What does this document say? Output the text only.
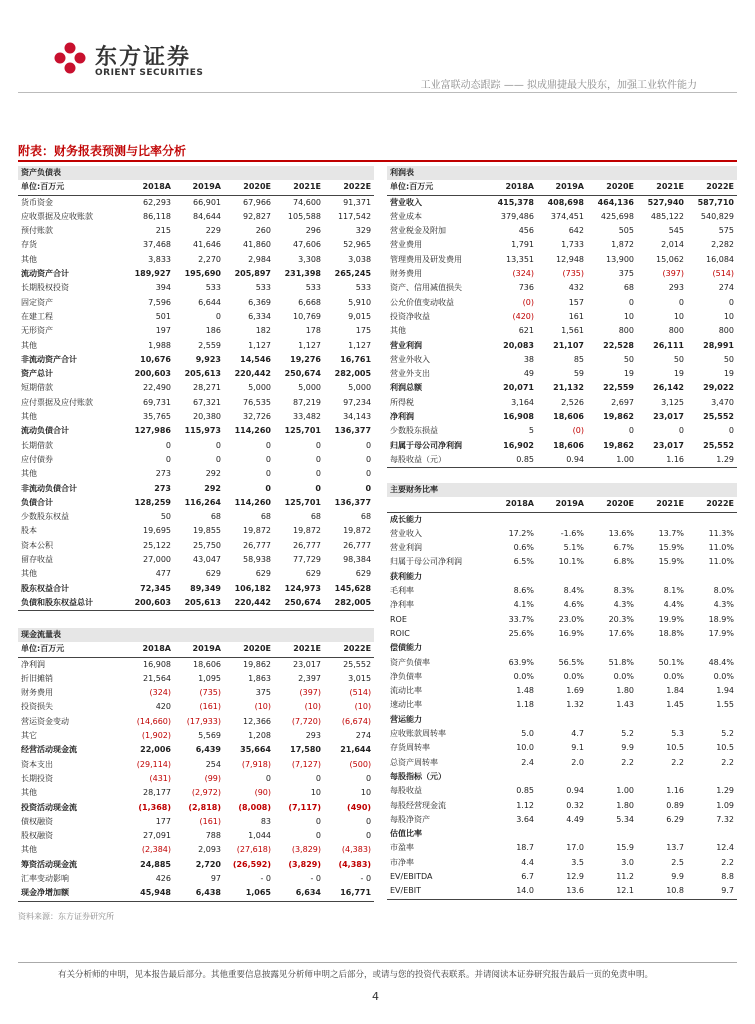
东方证券
ORIENT SECURITIES
工业富联动态跟踪 —— 拟成鼎捷最大股东，加强工业软件能力
附表：财务报表预测与比率分析
资产负债表					
单位:百万元	2018A	2019A	2020E	2021E	2022E
货币资金	62,293	66,901	67,966	74,600	91,371
应收票据及应收账款	86,118	84,644	92,827	105,588	117,542
预付账款	215	229	260	296	329
存货	37,468	41,646	41,860	47,606	52,965
其他	3,833	2,270	2,984	3,308	3,038
流动资产合计	189,927	195,690	205,897	231,398	265,245
长期股权投资	394	533	533	533	533
固定资产	7,596	6,644	6,369	6,668	5,910
在建工程	501	0	6,334	10,769	9,015
无形资产	197	186	182	178	175
其他	1,988	2,559	1,127	1,127	1,127
非流动资产合计	10,676	9,923	14,546	19,276	16,761
资产总计	200,603	205,613	220,442	250,674	282,005
短期借款	22,490	28,271	5,000	5,000	5,000
应付票据及应付账款	69,731	67,321	76,535	87,219	97,234
其他	35,765	20,380	32,726	33,482	34,143
流动负债合计	127,986	115,973	114,260	125,701	136,377
长期借款	0	0	0	0	0
应付债券	0	0	0	0	0
其他	273	292	0	0	0
非流动负债合计	273	292	0	0	0
负债合计	128,259	116,264	114,260	125,701	136,377
少数股东权益	50	68	68	68	68
股本	19,695	19,855	19,872	19,872	19,872
资本公积	25,122	25,750	26,777	26,777	26,777
留存收益	27,000	43,047	58,938	77,729	98,384
其他	477	629	629	629	629
股东权益合计	72,345	89,349	106,182	124,973	145,628
负债和股东权益总计	200,603	205,613	220,442	250,674	282,005
现金流量表					
单位:百万元	2018A	2019A	2020E	2021E	2022E
净利润	16,908	18,606	19,862	23,017	25,552
折旧摊销	21,564	1,095	1,863	2,397	3,015
财务费用	(324)	(735)	375	(397)	(514)
投资损失	420	(161)	(10)	(10)	(10)
营运资金变动	(14,660)	(17,933)	12,366	(7,720)	(6,674)
其它	(1,902)	5,569	1,208	293	274
经营活动现金流	22,006	6,439	35,664	17,580	21,644
资本支出	(29,114)	254	(7,918)	(7,127)	(500)
长期投资	(431)	(99)	0	0	0
其他	28,177	(2,972)	(90)	10	10
投资活动现金流	(1,368)	(2,818)	(8,008)	(7,117)	(490)
债权融资	177	(161)	83	0	0
股权融资	27,091	788	1,044	0	0
其他	(2,384)	2,093	(27,618)	(3,829)	(4,383)
筹资活动现金流	24,885	2,720	(26,592)	(3,829)	(4,383)
汇率变动影响	426	97	- 0	- 0	- 0
现金净增加额	45,948	6,438	1,065	6,634	16,771
利润表					
单位:百万元	2018A	2019A	2020E	2021E	2022E
营业收入	415,378	408,698	464,136	527,940	587,710
营业成本	379,486	374,451	425,698	485,122	540,829
营业税金及附加	456	642	505	545	575
营业费用	1,791	1,733	1,872	2,014	2,282
管理费用及研发费用	13,351	12,948	13,900	15,062	16,084
财务费用	(324)	(735)	375	(397)	(514)
资产、信用减值损失	736	432	68	293	274
公允价值变动收益	(0)	157	0	0	0
投资净收益	(420)	161	10	10	10
其他	621	1,561	800	800	800
营业利润	20,083	21,107	22,528	26,111	28,991
营业外收入	38	85	50	50	50
营业外支出	49	59	19	19	19
利润总额	20,071	21,132	22,559	26,142	29,022
所得税	3,164	2,526	2,697	3,125	3,470
净利润	16,908	18,606	19,862	23,017	25,552
少数股东损益	5	(0)	0	0	0
归属于母公司净利润	16,902	18,606	19,862	23,017	25,552
每股收益（元）	0.85	0.94	1.00	1.16	1.29
主要财务比率					
	2018A	2019A	2020E	2021E	2022E
成长能力					
营业收入	17.2%	-1.6%	13.6%	13.7%	11.3%
营业利润	0.6%	5.1%	6.7%	15.9%	11.0%
归属于母公司净利润	6.5%	10.1%	6.8%	15.9%	11.0%
获利能力					
毛利率	8.6%	8.4%	8.3%	8.1%	8.0%
净利率	4.1%	4.6%	4.3%	4.4%	4.3%
ROE	33.7%	23.0%	20.3%	19.9%	18.9%
ROIC	25.6%	16.9%	17.6%	18.8%	17.9%
偿债能力					
资产负债率	63.9%	56.5%	51.8%	50.1%	48.4%
净负债率	0.0%	0.0%	0.0%	0.0%	0.0%
流动比率	1.48	1.69	1.80	1.84	1.94
速动比率	1.18	1.32	1.43	1.45	1.55
营运能力					
应收账款周转率	5.0	4.7	5.2	5.3	5.2
存货周转率	10.0	9.1	9.9	10.5	10.5
总资产周转率	2.4	2.0	2.2	2.2	2.2
每股指标（元）					
每股收益	0.85	0.94	1.00	1.16	1.29
每股经营现金流	1.12	0.32	1.80	0.89	1.09
每股净资产	3.64	4.49	5.34	6.29	7.32
估值比率					
市盈率	18.7	17.0	15.9	13.7	12.4
市净率	4.4	3.5	3.0	2.5	2.2
EV/EBITDA	6.7	12.9	11.2	9.9	8.8
EV/EBIT	14.0	13.6	12.1	10.8	9.7
资料来源：东方证券研究所
有关分析师的申明，见本报告最后部分。其他重要信息披露见分析师申明之后部分，或请与您的投资代表联系。并请阅读本证券研究报告最后一页的免责申明。
4
